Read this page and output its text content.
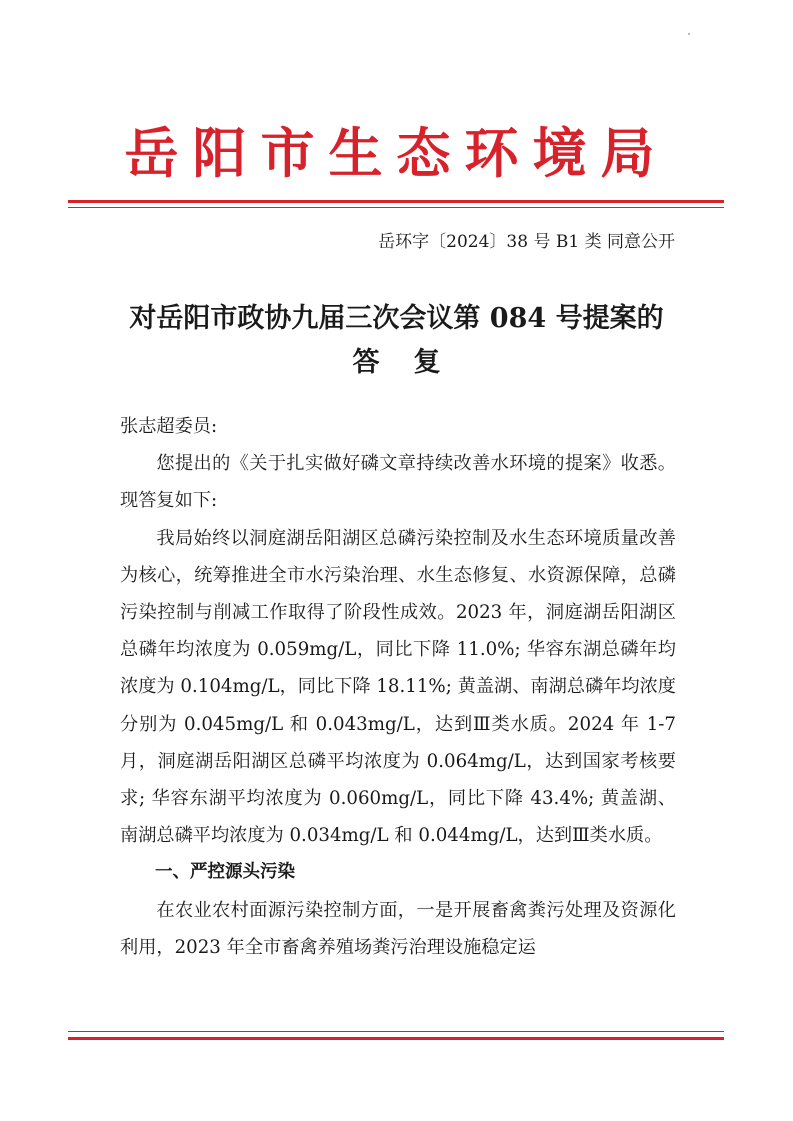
岳阳市生态环境局
岳环字〔2024〕38 号 B1 类 同意公开
对岳阳市政协九届三次会议第 084 号提案的
答复

张志超委员:

您提出的《关于扎实做好磷文章持续改善水环境的提案》收悉。现答复如下:

我局始终以洞庭湖岳阳湖区总磷污染控制及水生态环境质量改善为核心，统筹推进全市水污染治理、水生态修复、水资源保障，总磷污染控制与削减工作取得了阶段性成效。2023 年，洞庭湖岳阳湖区总磷年均浓度为 0.059mg/L，同比下降 11.0%; 华容东湖总磷年均浓度为 0.104mg/L，同比下降 18.11%; 黄盖湖、南湖总磷年均浓度分别为 0.045mg/L 和 0.043mg/L，达到Ⅲ类水质。2024 年 1-7 月，洞庭湖岳阳湖区总磷平均浓度为 0.064mg/L，达到国家考核要求; 华容东湖平均浓度为 0.060mg/L，同比下降 43.4%; 黄盖湖、南湖总磷平均浓度为 0.034mg/L 和 0.044mg/L，达到Ⅲ类水质。

一、严控源头污染

在农业农村面源污染控制方面，一是开展畜禽粪污处理及资源化利用，2023 年全市畜禽养殖场粪污治理设施稳定运
